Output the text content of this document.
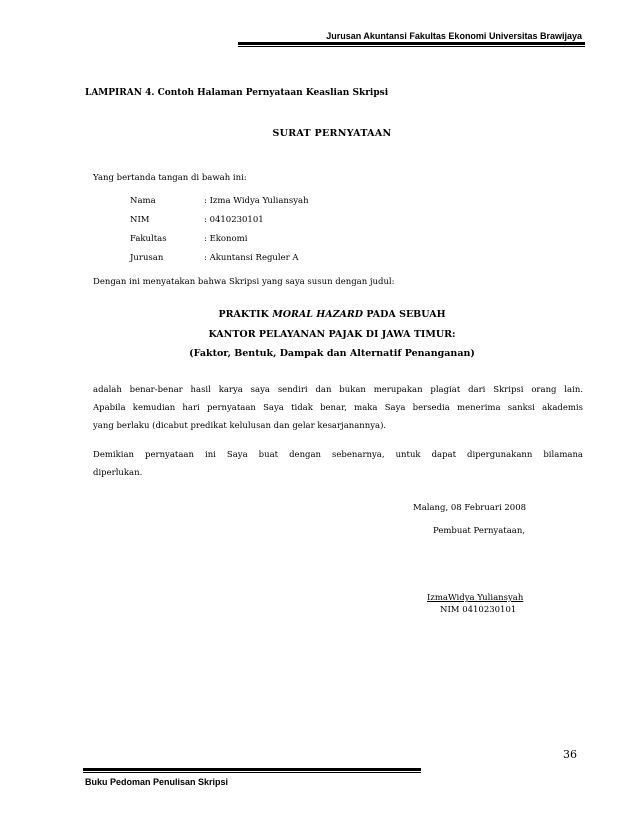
Jurusan Akuntansi Fakultas Ekonomi Universitas Brawijaya
LAMPIRAN 4. Contoh Halaman Pernyataan Keaslian Skripsi
SURAT PERNYATAAN
Yang bertanda tangan di bawah ini:
Nama	: Izma Widya Yuliansyah
NIM	: 0410230101
Fakultas	: Ekonomi
Jurusan	: Akuntansi Reguler A
Dengan ini menyatakan bahwa Skripsi yang saya susun dengan judul:
PRAKTIK MORAL HAZARD PADA SEBUAH
KANTOR PELAYANAN PAJAK DI JAWA TIMUR:
(Faktor, Bentuk, Dampak dan Alternatif Penanganan)
adalah benar-benar hasil karya saya sendiri dan bukan merupakan plagiat dari Skripsi orang lain.
Apabila kemudian hari pernyataan Saya tidak benar, maka Saya bersedia menerima sanksi akademis
yang berlaku (dicabut predikat kelulusan dan gelar kesarjanannya).
Demikian pernyataan ini Saya buat dengan sebenarnya, untuk dapat dipergunakann bilamana
diperlukan.
Malang, 08 Februari 2008
Pembuat Pernyataan,
IzmaWidya Yuliansyah
NIM 0410230101
36
Buku Pedoman Penulisan Skripsi
